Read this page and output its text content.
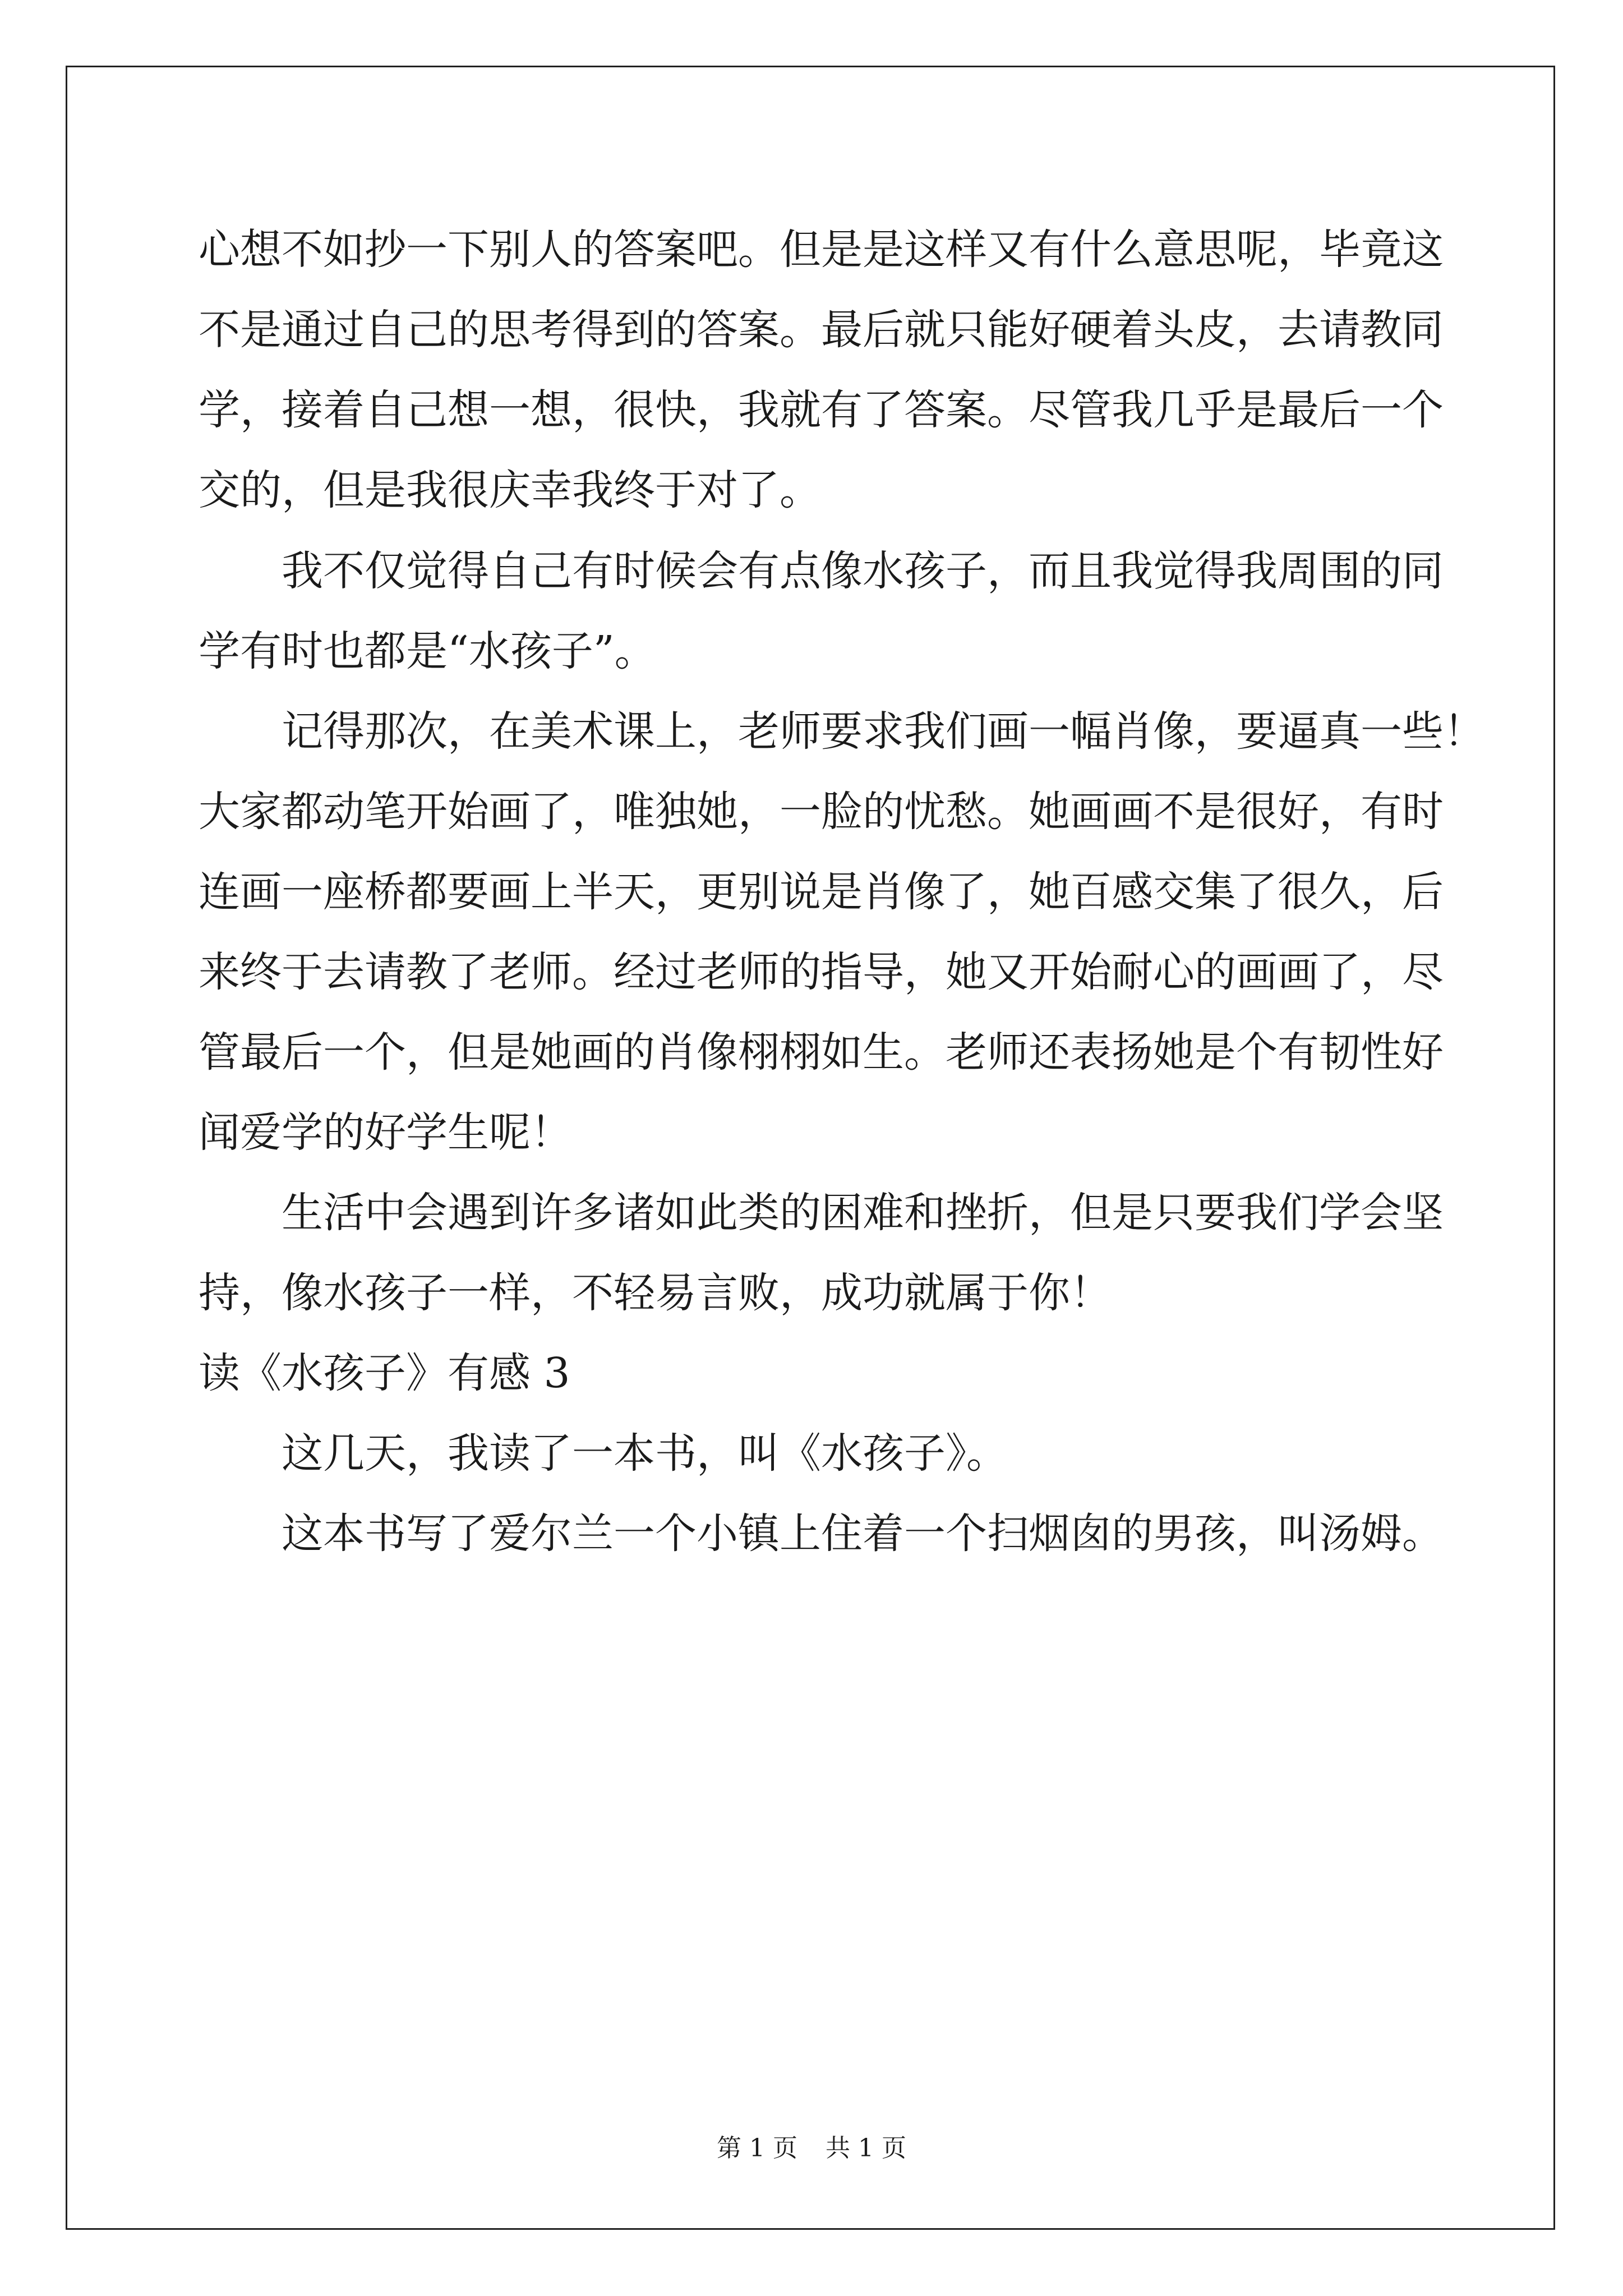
心想不如抄一下别人的答案吧。但是是这样又有什么意思呢，毕竟这
不是通过自己的思考得到的答案。最后就只能好硬着头皮，去请教同
学，接着自己想一想，很快，我就有了答案。尽管我几乎是最后一个
交的，但是我很庆幸我终于对了。
我不仅觉得自己有时候会有点像水孩子，而且我觉得我周围的同
学有时也都是“水孩子”。
记得那次，在美术课上，老师要求我们画一幅肖像，要逼真一些！
大家都动笔开始画了，唯独她，一脸的忧愁。她画画不是很好，有时
连画一座桥都要画上半天，更别说是肖像了，她百感交集了很久，后
来终于去请教了老师。经过老师的指导，她又开始耐心的画画了，尽
管最后一个，但是她画的肖像栩栩如生。老师还表扬她是个有韧性好
闻爱学的好学生呢！
生活中会遇到许多诸如此类的困难和挫折，但是只要我们学会坚
持，像水孩子一样，不轻易言败，成功就属于你！
读《水孩子》有感 3
这几天，我读了一本书，叫《水孩子》。
这本书写了爱尔兰一个小镇上住着一个扫烟囱的男孩，叫汤姆。
第 1 页 共 1 页
